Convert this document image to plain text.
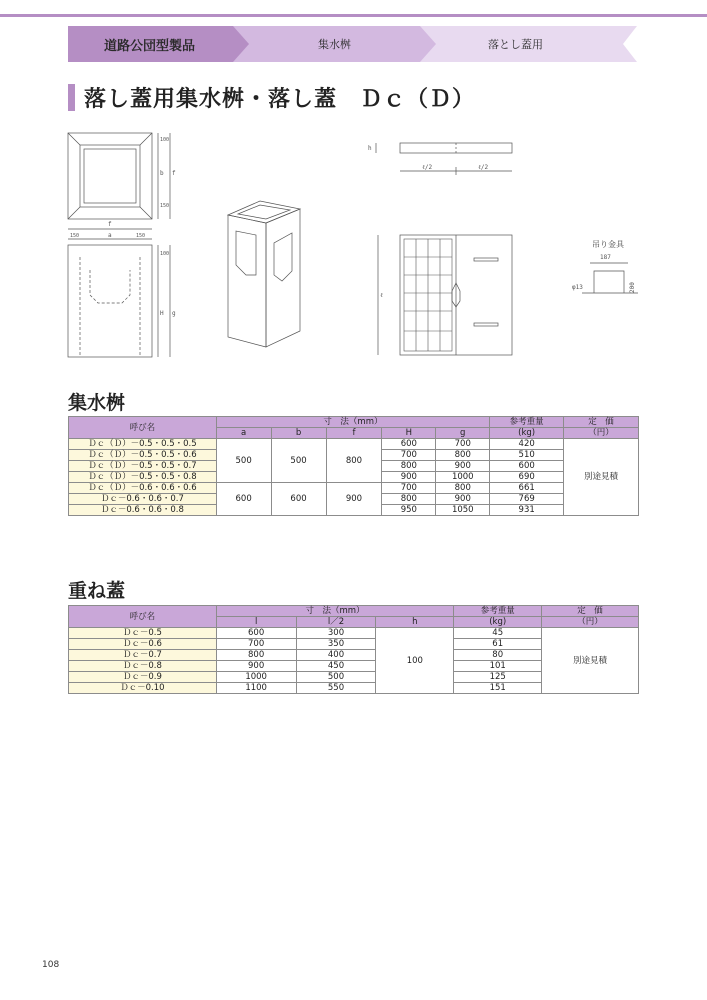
道路公団型製品	集水桝	落とし蓋用
落し蓋用集水桝・落し蓋　Ｄｃ（Ｄ）
100
b f
150
f
150	a	150
100
H g
h
ℓ/2	ℓ/2
ℓ
吊り金具
187
φ13	200
集水桝
呼び名	寸　法（mm）					参考重量	定　価
	a	b	f	H	g	(kg)	（円）
Ｄｃ（Ｄ）－0.5・0.5・0.5	500	500	800	600	700	420	別途見積
Ｄｃ（Ｄ）－0.5・0.5・0.6				700	800	510	
Ｄｃ（Ｄ）－0.5・0.5・0.7				800	900	600	
Ｄｃ（Ｄ）－0.5・0.5・0.8				900	1000	690	
Ｄｃ（Ｄ）－0.6・0.6・0.6	600	600	900	700	800	661	
Ｄｃ－0.6・0.6・0.7				800	900	769	
Ｄｃ－0.6・0.6・0.8				950	1050	931	
重ね蓋
呼び名	寸　法（mm）			参考重量	定　価
	l	l／2	h	(kg)	（円）
Ｄｃ－0.5	600	300	100	45	別途見積
Ｄｃ－0.6	700	350		61	
Ｄｃ－0.7	800	400		80	
Ｄｃ－0.8	900	450		101	
Ｄｃ－0.9	1000	500		125	
Ｄｃ－0.10	1100	550		151	
108
